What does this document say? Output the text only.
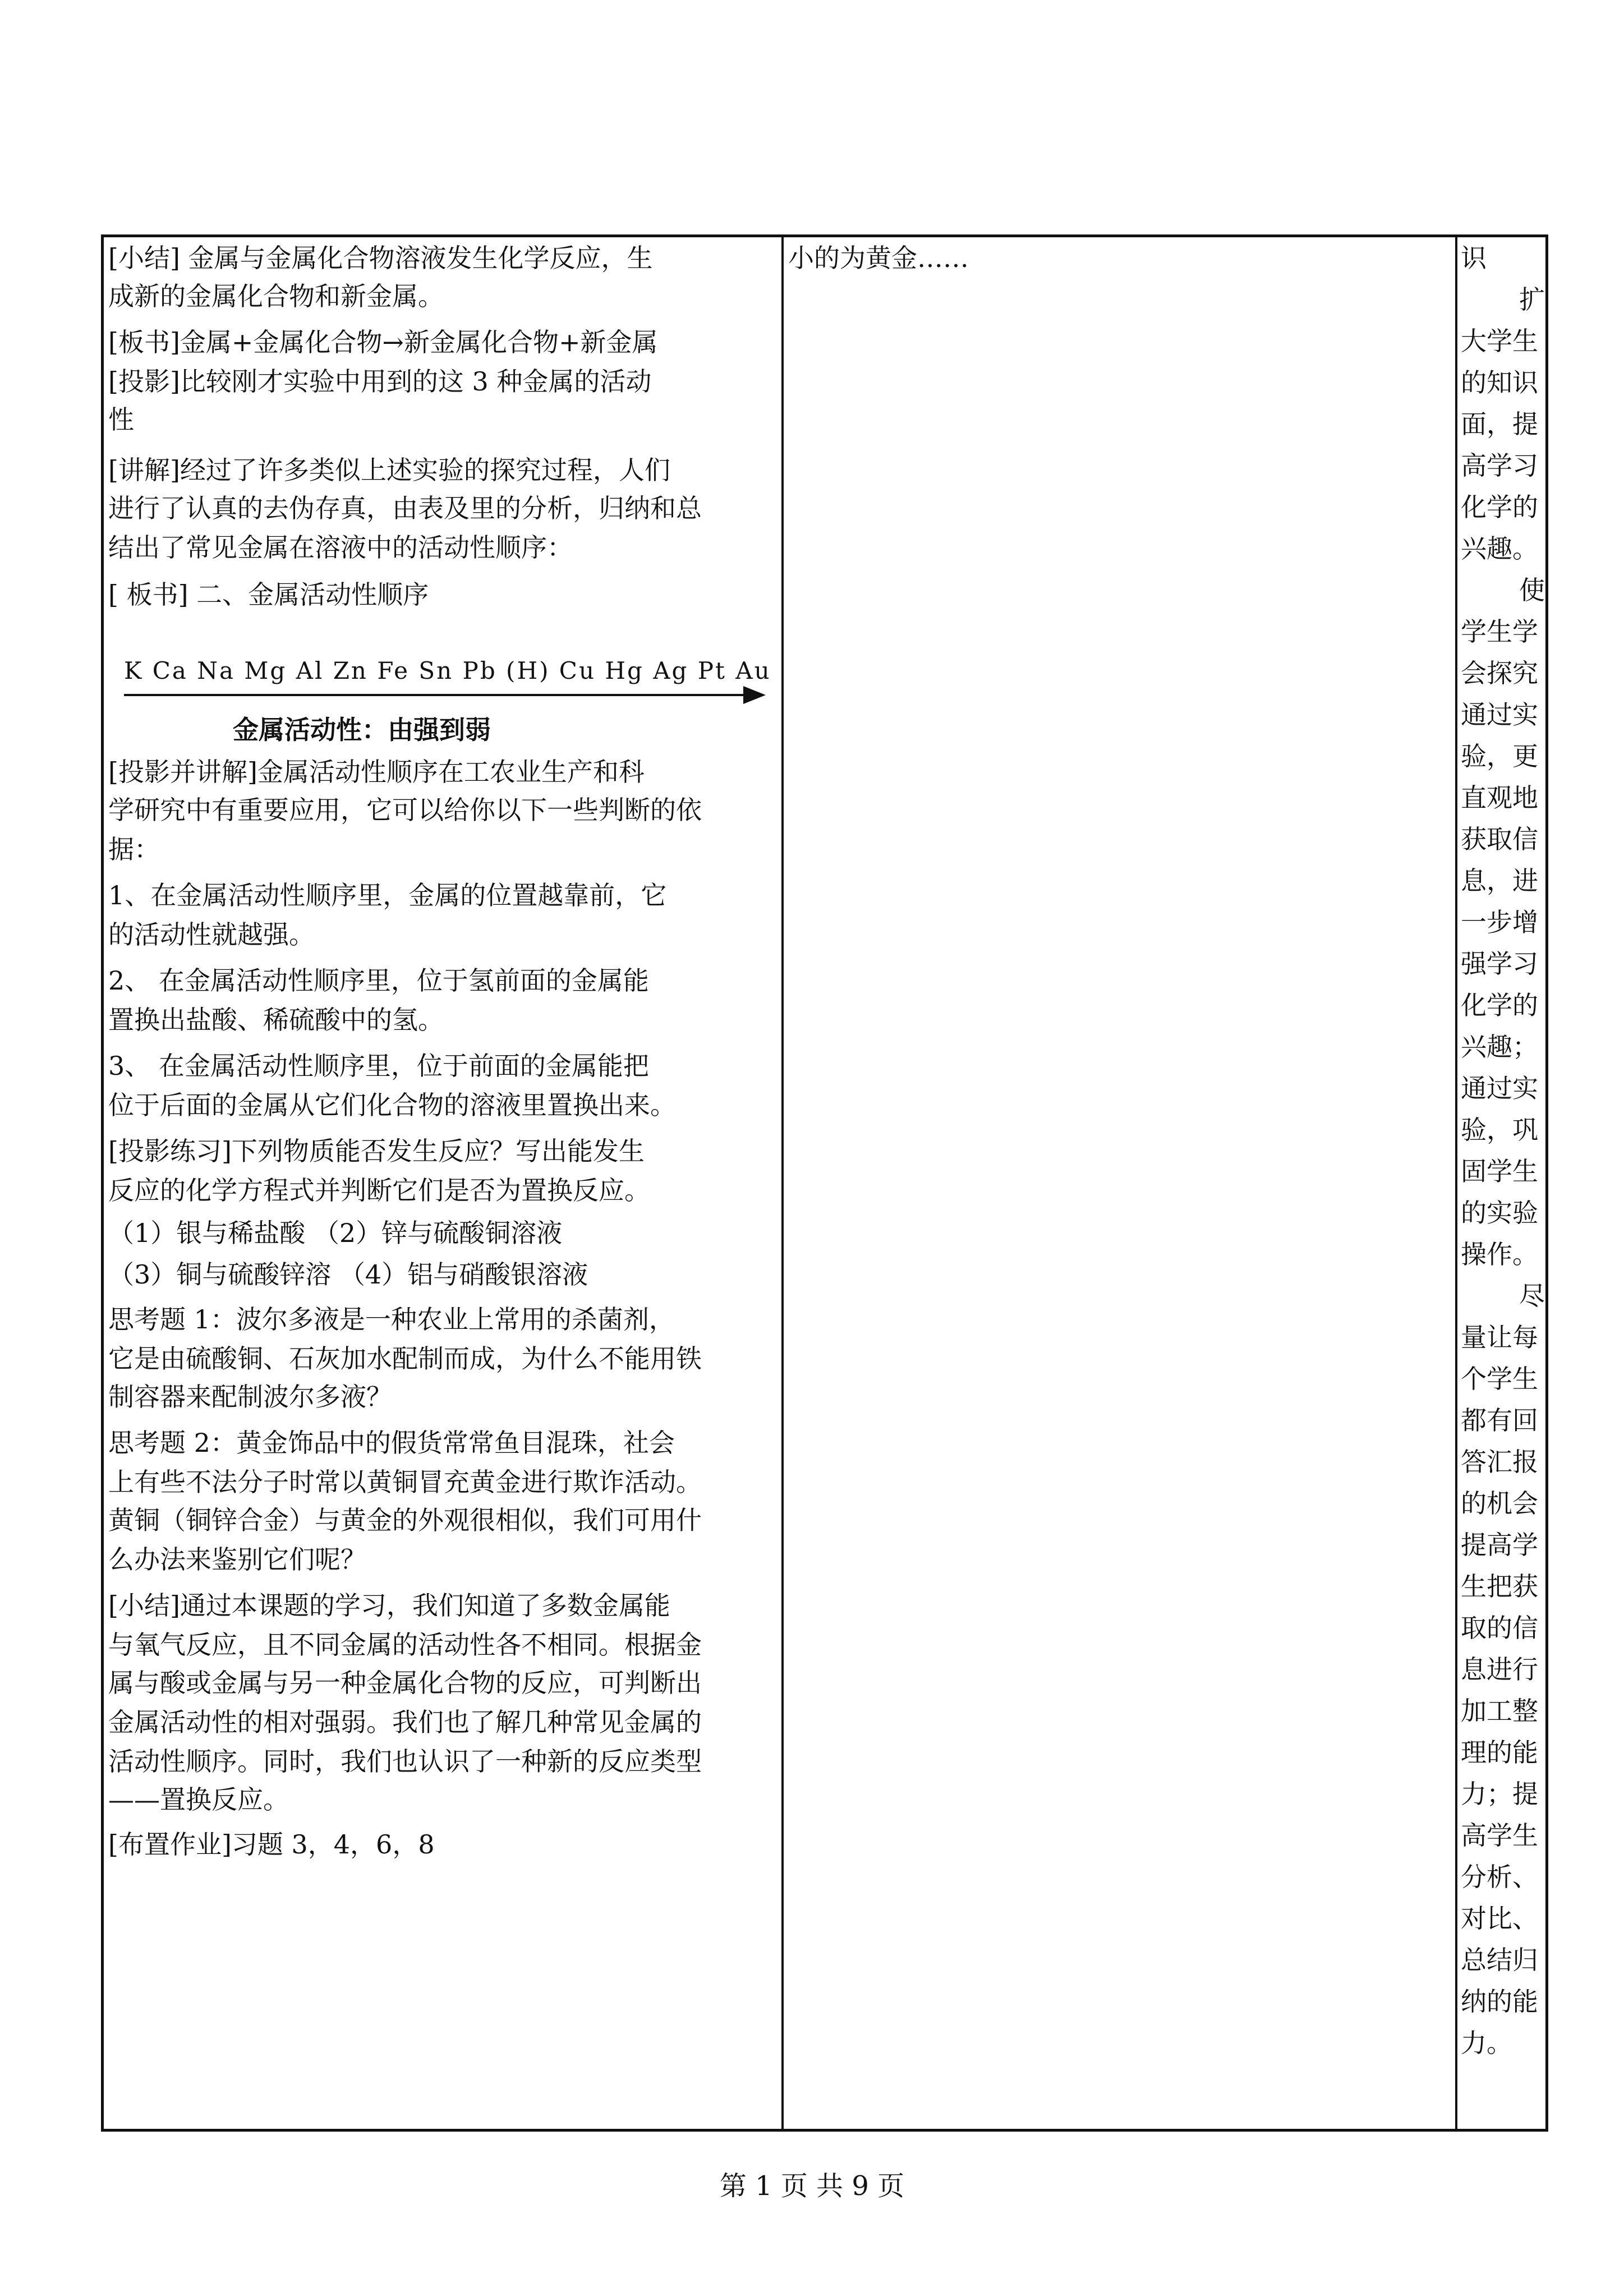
[小结] 金属与金属化合物溶液发生化学反应，生
成新的金属化合物和新金属。
[板书]金属+金属化合物→新金属化合物+新金属
[投影]比较刚才实验中用到的这 3 种金属的活动
性
[讲解]经过了许多类似上述实验的探究过程，人们
进行了认真的去伪存真，由表及里的分析，归纳和总
结出了常见金属在溶液中的活动性顺序：
[ 板书] 二、金属活动性顺序
[投影并讲解]金属活动性顺序在工农业生产和科
学研究中有重要应用，它可以给你以下一些判断的依
据：
1、在金属活动性顺序里，金属的位置越靠前，它
的活动性就越强。
2、 在金属活动性顺序里，位于氢前面的金属能
置换出盐酸、稀硫酸中的氢。
3、 在金属活动性顺序里，位于前面的金属能把
位于后面的金属从它们化合物的溶液里置换出来。
[投影练习]下列物质能否发生反应？写出能发生
反应的化学方程式并判断它们是否为置换反应。
（1）银与稀盐酸 （2）锌与硫酸铜溶液
（3）铜与硫酸锌溶 （4）铝与硝酸银溶液
思考题 1：波尔多液是一种农业上常用的杀菌剂，
它是由硫酸铜、石灰加水配制而成，为什么不能用铁
制容器来配制波尔多液？
思考题 2：黄金饰品中的假货常常鱼目混珠，社会
上有些不法分子时常以黄铜冒充黄金进行欺诈活动。
黄铜（铜锌合金）与黄金的外观很相似，我们可用什
么办法来鉴别它们呢？
[小结]通过本课题的学习，我们知道了多数金属能
与氧气反应，且不同金属的活动性各不相同。根据金
属与酸或金属与另一种金属化合物的反应，可判断出
金属活动性的相对强弱。我们也了解几种常见金属的
活动性顺序。同时，我们也认识了一种新的反应类型
——置换反应。
[布置作业]习题 3，4，6，8
K Ca Na Mg Al Zn Fe Sn Pb (H) Cu Hg Ag Pt Au
金属活动性：由强到弱
小的为黄金……	识
扩
大学生
的知识
面，提
高学习
化学的
兴趣。
使
学生学
会探究
通过实
验，更
直观地
获取信
息，进
一步增
强学习
化学的
兴趣；
通过实
验，巩
固学生
的实验
操作。
尽
量让每
个学生
都有回
答汇报
的机会
提高学
生把获
取的信
息进行
加工整
理的能
力；提
高学生
分析、
对比、
总结归
纳的能
力。
第 1 页 共 9 页
